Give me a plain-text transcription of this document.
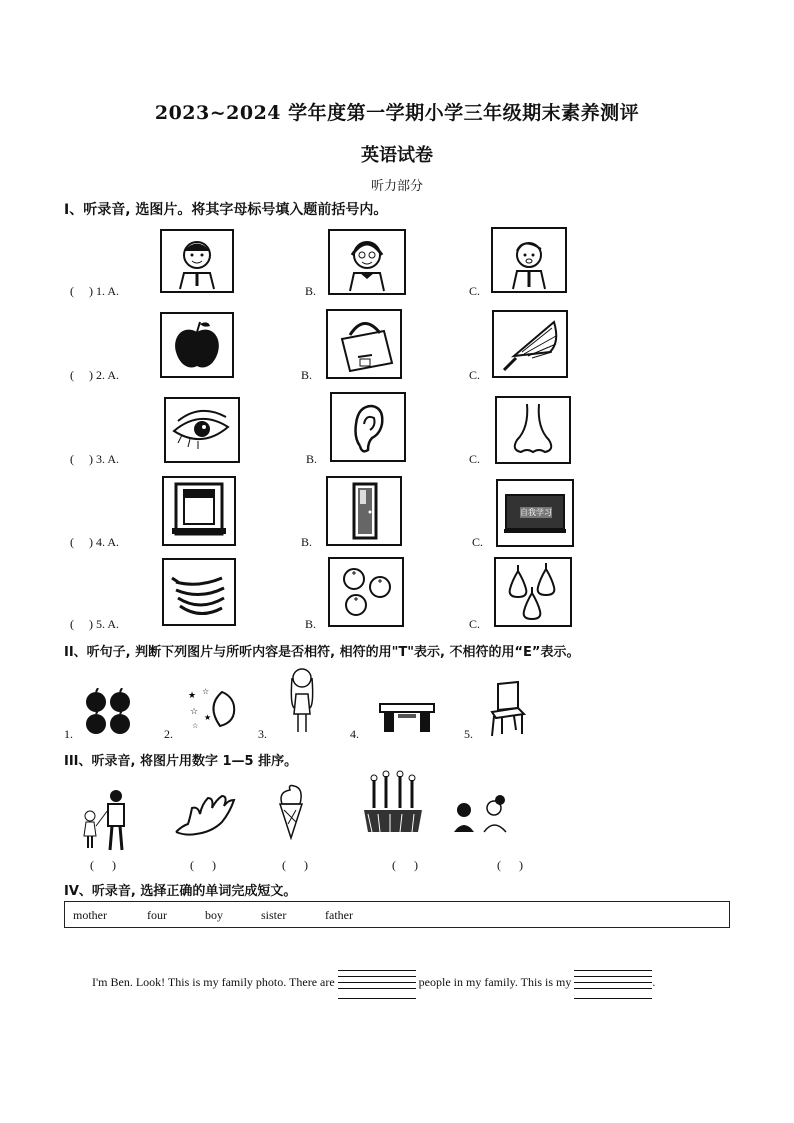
2023~2024 学年度第一学期小学三年级期末素养测评
英语试卷
听力部分
I、听录音, 选图片。将其字母标号填入题前括号内。
(     ) 1. A.	B.	C.
(     ) 2. A.	B.	C.
(     ) 3. A.	B.	C.
(     ) 4. A.	B.	C.
自我学习
(     ) 5. A.	B.	C.
II、听句子, 判断下列图片与所听内容是否相符, 相符的用"T"表示, 不相符的用“E”表示。
1.	2.
★ ☆
☆
★
☆
3.	4.	5.
III、听录音, 将图片用数字 1—5 排序。
(      )	(      )	(      )	(      )	(      )
IV、听录音, 选择正确的单词完成短文。
mother	four	boy	sister	father
I'm Ben. Look! This is my family photo. There are	people in my family. This is my	.
